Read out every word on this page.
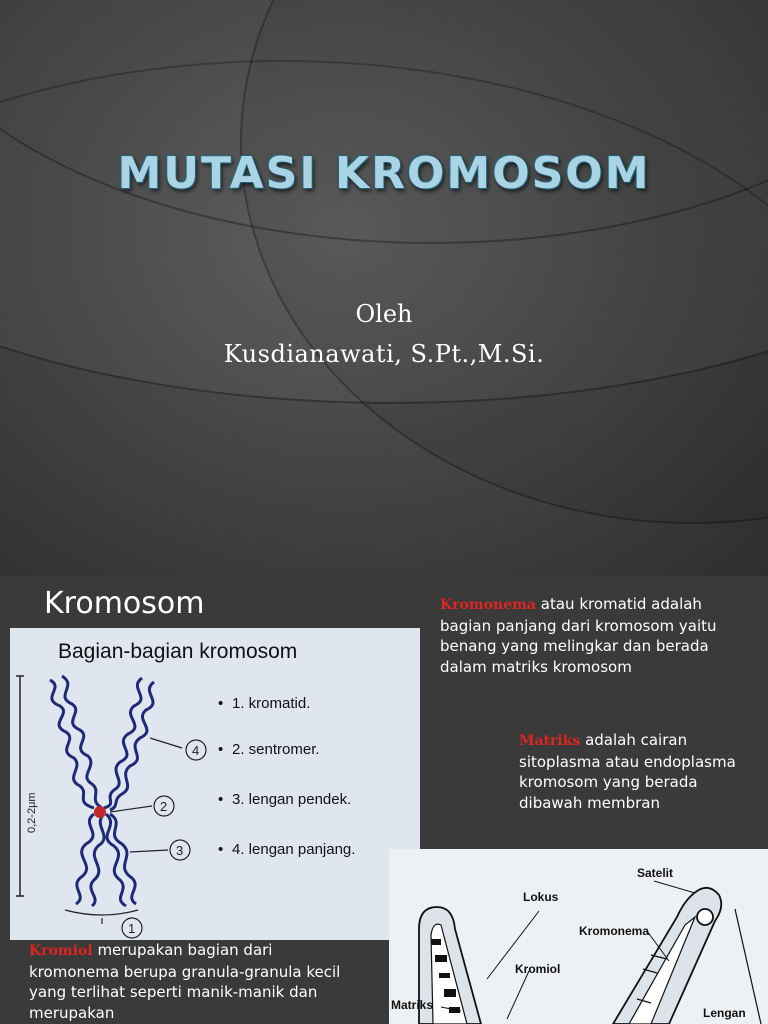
MUTASI KROMOSOM
Oleh
Kusdianawati, S.Pt.,M.Si.
Kromosom
Bagian-bagian kromosom
0,2-2µm
4
2
3
1
• 1. kromatid.
• 2. sentromer.
• 3. lengan pendek.
• 4. lengan panjang.
Kromonema atau kromatid adalah bagian panjang dari kromosom yaitu benang yang melingkar dan berada dalam matriks kromosom
Matriks adalah cairan sitoplasma atau endoplasma kromosom yang berada dibawah membran
Kromiol merupakan bagian dari kromonema berupa granula-granula kecil yang terlihat seperti manik-manik dan merupakan
Satelit
Lokus
Kromonema
Kromiol
Matriks
Lengan
